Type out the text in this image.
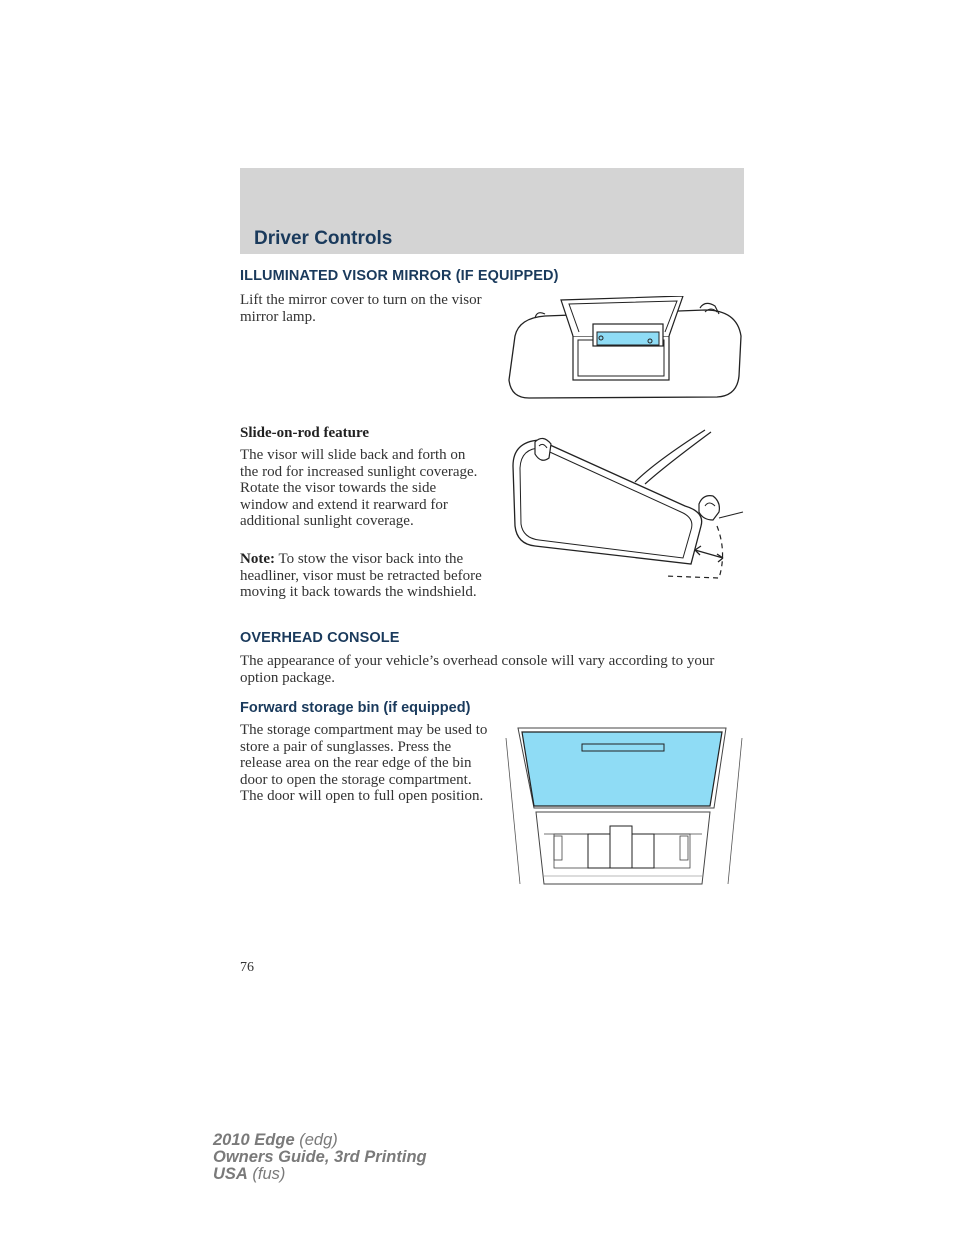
Driver Controls
ILLUMINATED VISOR MIRROR (IF EQUIPPED)
Lift the mirror cover to turn on the visor mirror lamp.
Slide-on-rod feature
The visor will slide back and forth on the rod for increased sunlight coverage. Rotate the visor towards the side window and extend it rearward for additional sunlight coverage.
Note: To stow the visor back into the headliner, visor must be retracted before moving it back towards the windshield.
OVERHEAD CONSOLE
The appearance of your vehicle’s overhead console will vary according to your option package.
Forward storage bin (if equipped)
The storage compartment may be used to store a pair of sunglasses. Press the release area on the rear edge of the bin door to open the storage compartment. The door will open to full open position.
76
2010 Edge (edg)
Owners Guide, 3rd Printing
USA (fus)
